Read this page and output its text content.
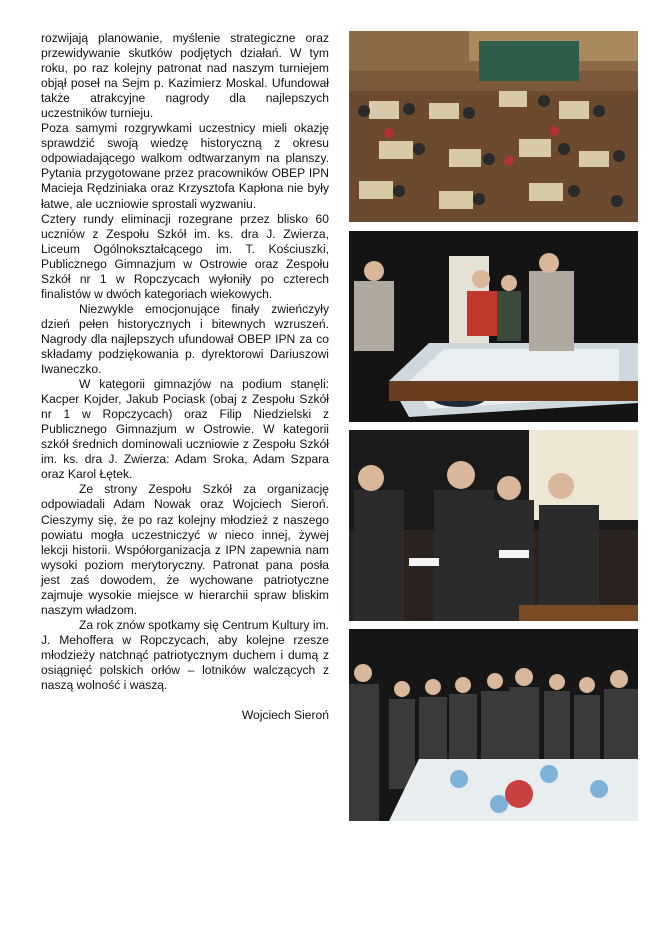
rozwijają planowanie, myślenie strategiczne oraz przewidywanie skutków podjętych działań. W tym roku, po raz kolejny patronat nad naszym turniejem objął poseł na Sejm p. Kazimierz Moskal. Ufundował także atrakcyjne nagrody dla najlepszych uczestników turnieju.

Poza samymi rozgrywkami uczestnicy mieli okazję sprawdzić swoją wiedzę historyczną z okresu odpowiadającego walkom odtwarzanym na planszy. Pytania przygotowane przez pracowników OBEP IPN Macieja Rędziniaka oraz Krzysztofa Kapłona nie były łatwe, ale uczniowie sprostali wyzwaniu.

Cztery rundy eliminacji rozegrane przez blisko 60 uczniów z Zespołu Szkół im. ks. dra J. Zwierza, Liceum Ogólnokształcącego im. T. Kościuszki, Publicznego Gimnazjum w Ostrowie oraz Zespołu Szkół nr 1 w Ropczycach wyłoniły po czterech finalistów w dwóch kategoriach wiekowych.

Niezwykle emocjonujące finały zwieńczyły dzień pełen historycznych i bitewnych wzruszeń. Nagrody dla najlepszych ufundował OBEP IPN za co składamy podziękowania p. dyrektorowi Dariuszowi Iwaneczko.

W kategorii gimnazjów na podium stanęli: Kacper Kojder, Jakub Pociask (obaj z Zespołu Szkół nr 1 w Ropczycach) oraz Filip Niedzielski z Publicznego Gimnazjum w Ostrowie. W kategorii szkół średnich dominowali uczniowie z Zespołu Szkół im. ks. dra J. Zwierza: Adam Sroka, Adam Szpara oraz Karol Łętek.

Ze strony Zespołu Szkół za organizację odpowiadali Adam Nowak oraz Wojciech Sieroń. Cieszymy się, że po raz kolejny młodzież z naszego powiatu mogła uczestniczyć w nieco innej, żywej lekcji historii. Współorganizacja z IPN zapewnia nam wysoki poziom merytoryczny. Patronat pana posła jest zaś dowodem, że wychowane patriotyczne zajmuje wysokie miejsce w hierarchii spraw bliskim naszym władzom.

Za rok znów spotkamy się Centrum Kultury im. J. Mehoffera w Ropczycach, aby kolejne rzesze młodzieży natchnąć patriotycznym duchem i dumą z osiągnięć polskich orłów – lotników walczących z naszą wolność i waszą.

Wojciech Sieroń
